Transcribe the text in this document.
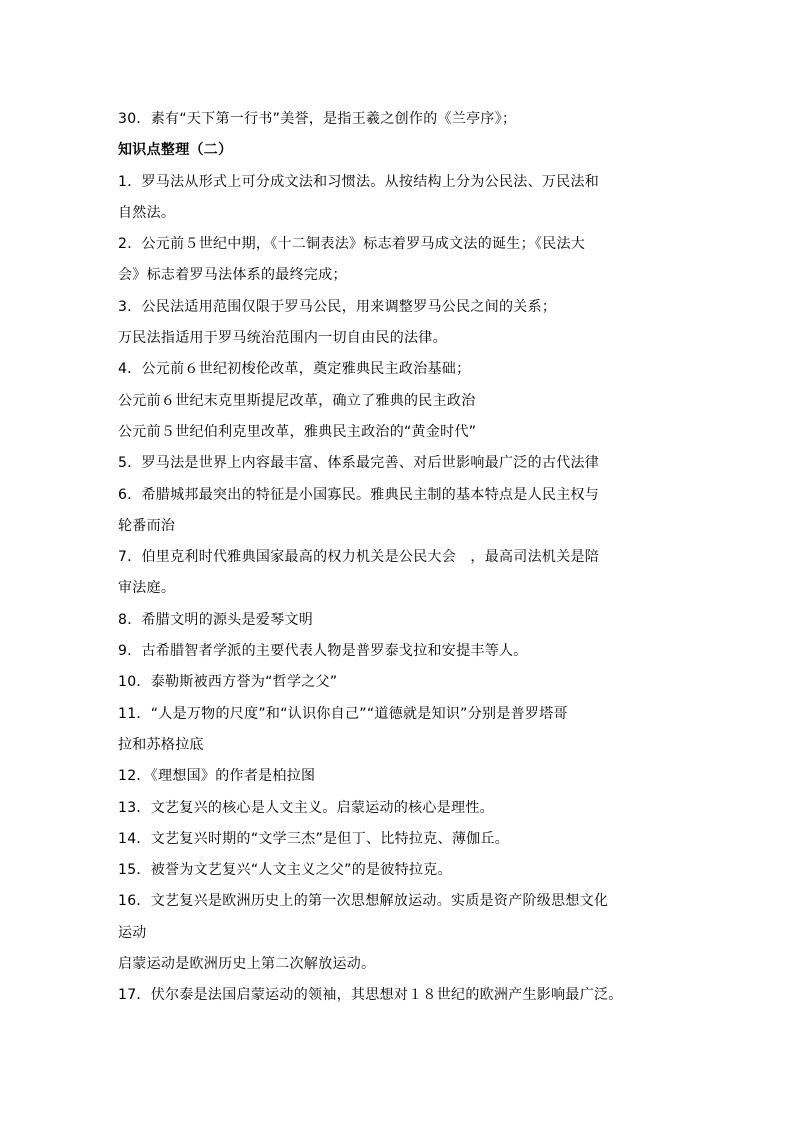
30．素有“天下第一行书”美誉，是指王羲之创作的《兰亭序》；
知识点整理（二）
1．罗马法从形式上可分成文法和习惯法。从按结构上分为公民法、万民法和
自然法。
2．公元前５世纪中期，《十二铜表法》标志着罗马成文法的诞生；《民法大
会》标志着罗马法体系的最终完成；
3．公民法适用范围仅限于罗马公民，用来调整罗马公民之间的关系；
万民法指适用于罗马统治范围内一切自由民的法律。
4．公元前６世纪初梭伦改革，奠定雅典民主政治基础；
公元前６世纪末克里斯提尼改革，确立了雅典的民主政治
公元前５世纪伯利克里改革，雅典民主政治的“黄金时代”
5．罗马法是世界上内容最丰富、体系最完善、对后世影响最广泛的古代法律
6．希腊城邦最突出的特征是小国寡民。雅典民主制的基本特点是人民主权与
轮番而治
7．伯里克利时代雅典国家最高的权力机关是公民大会　，最高司法机关是陪
审法庭。
8．希腊文明的源头是爱琴文明
9．古希腊智者学派的主要代表人物是普罗泰戈拉和安提丰等人。
10．泰勒斯被西方誉为“哲学之父”
11．“人是万物的尺度”和“认识你自己”“道德就是知识”分别是普罗塔哥
拉和苏格拉底
12．《理想国》的作者是柏拉图
13．文艺复兴的核心是人文主义。启蒙运动的核心是理性。
14．文艺复兴时期的“文学三杰”是但丁、比特拉克、薄伽丘。
15．被誉为文艺复兴“人文主义之父”的是彼特拉克。
16．文艺复兴是欧洲历史上的第一次思想解放运动。实质是资产阶级思想文化
运动
启蒙运动是欧洲历史上第二次解放运动。
17．伏尔泰是法国启蒙运动的领袖，其思想对１８世纪的欧洲产生影响最广泛。
